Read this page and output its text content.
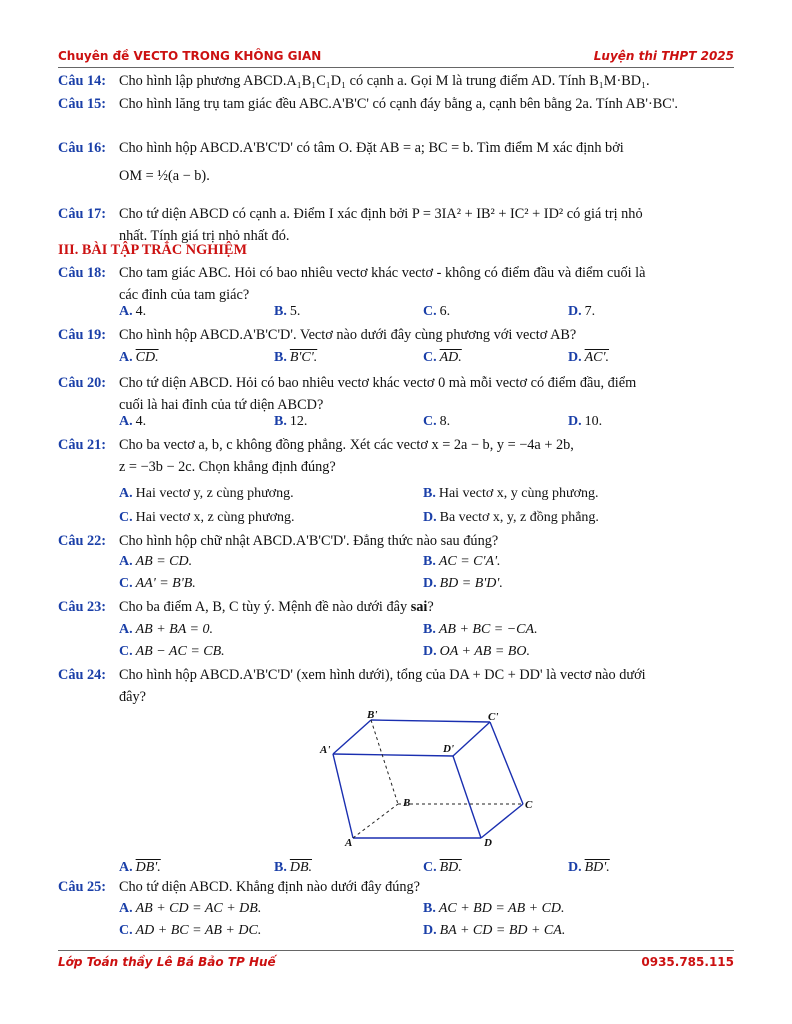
Chuyên đề VECTO TRONG KHÔNG GIAN	Luyện thi THPT 2025
Câu 14: Cho hình lập phương ABCD.A₁B₁C₁D₁ có cạnh a. Gọi M là trung điểm AD. Tính B₁M·BD₁.
Câu 15: Cho hình lăng trụ tam giác đều ABC.A'B'C' có cạnh đáy bằng a, cạnh bên bằng 2a. Tính AB'·BC'.
Câu 16: Cho hình hộp ABCD.A'B'C'D' có tâm O. Đặt AB = a; BC = b. Tìm điểm M xác định bởi
OM = ½(a − b).
Câu 17: Cho tứ diện ABCD có cạnh a. Điểm I xác định bởi P = 3IA² + IB² + IC² + ID² có giá trị nhỏ
nhất. Tính giá trị nhỏ nhất đó.
III. BÀI TẬP TRẮC NGHIỆM
Câu 18: Cho tam giác ABC. Hỏi có bao nhiêu vectơ khác vectơ - không có điểm đầu và điểm cuối là
các đỉnh của tam giác?
A. 4.	B. 5.	C. 6.	D. 7.
Câu 19: Cho hình hộp ABCD.A'B'C'D'. Vectơ nào dưới đây cùng phương với vectơ AB?
A. CD.	B. B'C'.	C. AD.	D. AC'.
Câu 20: Cho tứ diện ABCD. Hỏi có bao nhiêu vectơ khác vectơ 0 mà mỗi vectơ có điểm đầu, điểm
cuối là hai đỉnh của tứ diện ABCD?
A. 4.	B. 12.	C. 8.	D. 10.
Câu 21: Cho ba vectơ a, b, c không đồng phẳng. Xét các vectơ x = 2a − b, y = −4a + 2b,
z = −3b − 2c. Chọn khẳng định đúng?
A. Hai vectơ y, z cùng phương.	B. Hai vectơ x, y cùng phương.
C. Hai vectơ x, z cùng phương.	D. Ba vectơ x, y, z đồng phẳng.
Câu 22: Cho hình hộp chữ nhật ABCD.A'B'C'D'. Đẳng thức nào sau đúng?
A. AB = CD.	B. AC = C'A'.
C. AA' = B'B.	D. BD = B'D'.
Câu 23: Cho ba điểm A, B, C tùy ý. Mệnh đề nào dưới đây sai?
A. AB + BA = 0.	B. AB + BC = −CA.
C. AB − AC = CB.	D. OA + AB = BO.
Câu 24: Cho hình hộp ABCD.A'B'C'D' (xem hình dưới), tổng của DA + DC + DD' là vectơ nào dưới
đây?
B'	C'
A'	D'
B	C
A	D
A. DB'.	B. DB.	C. BD.	D. BD'.
Câu 25: Cho tứ diện ABCD. Khẳng định nào dưới đây đúng?
A. AB + CD = AC + DB.	B. AC + BD = AB + CD.
C. AD + BC = AB + DC.	D. BA + CD = BD + CA.
Lớp Toán thầy Lê Bá Bảo TP Huế	0935.785.115
